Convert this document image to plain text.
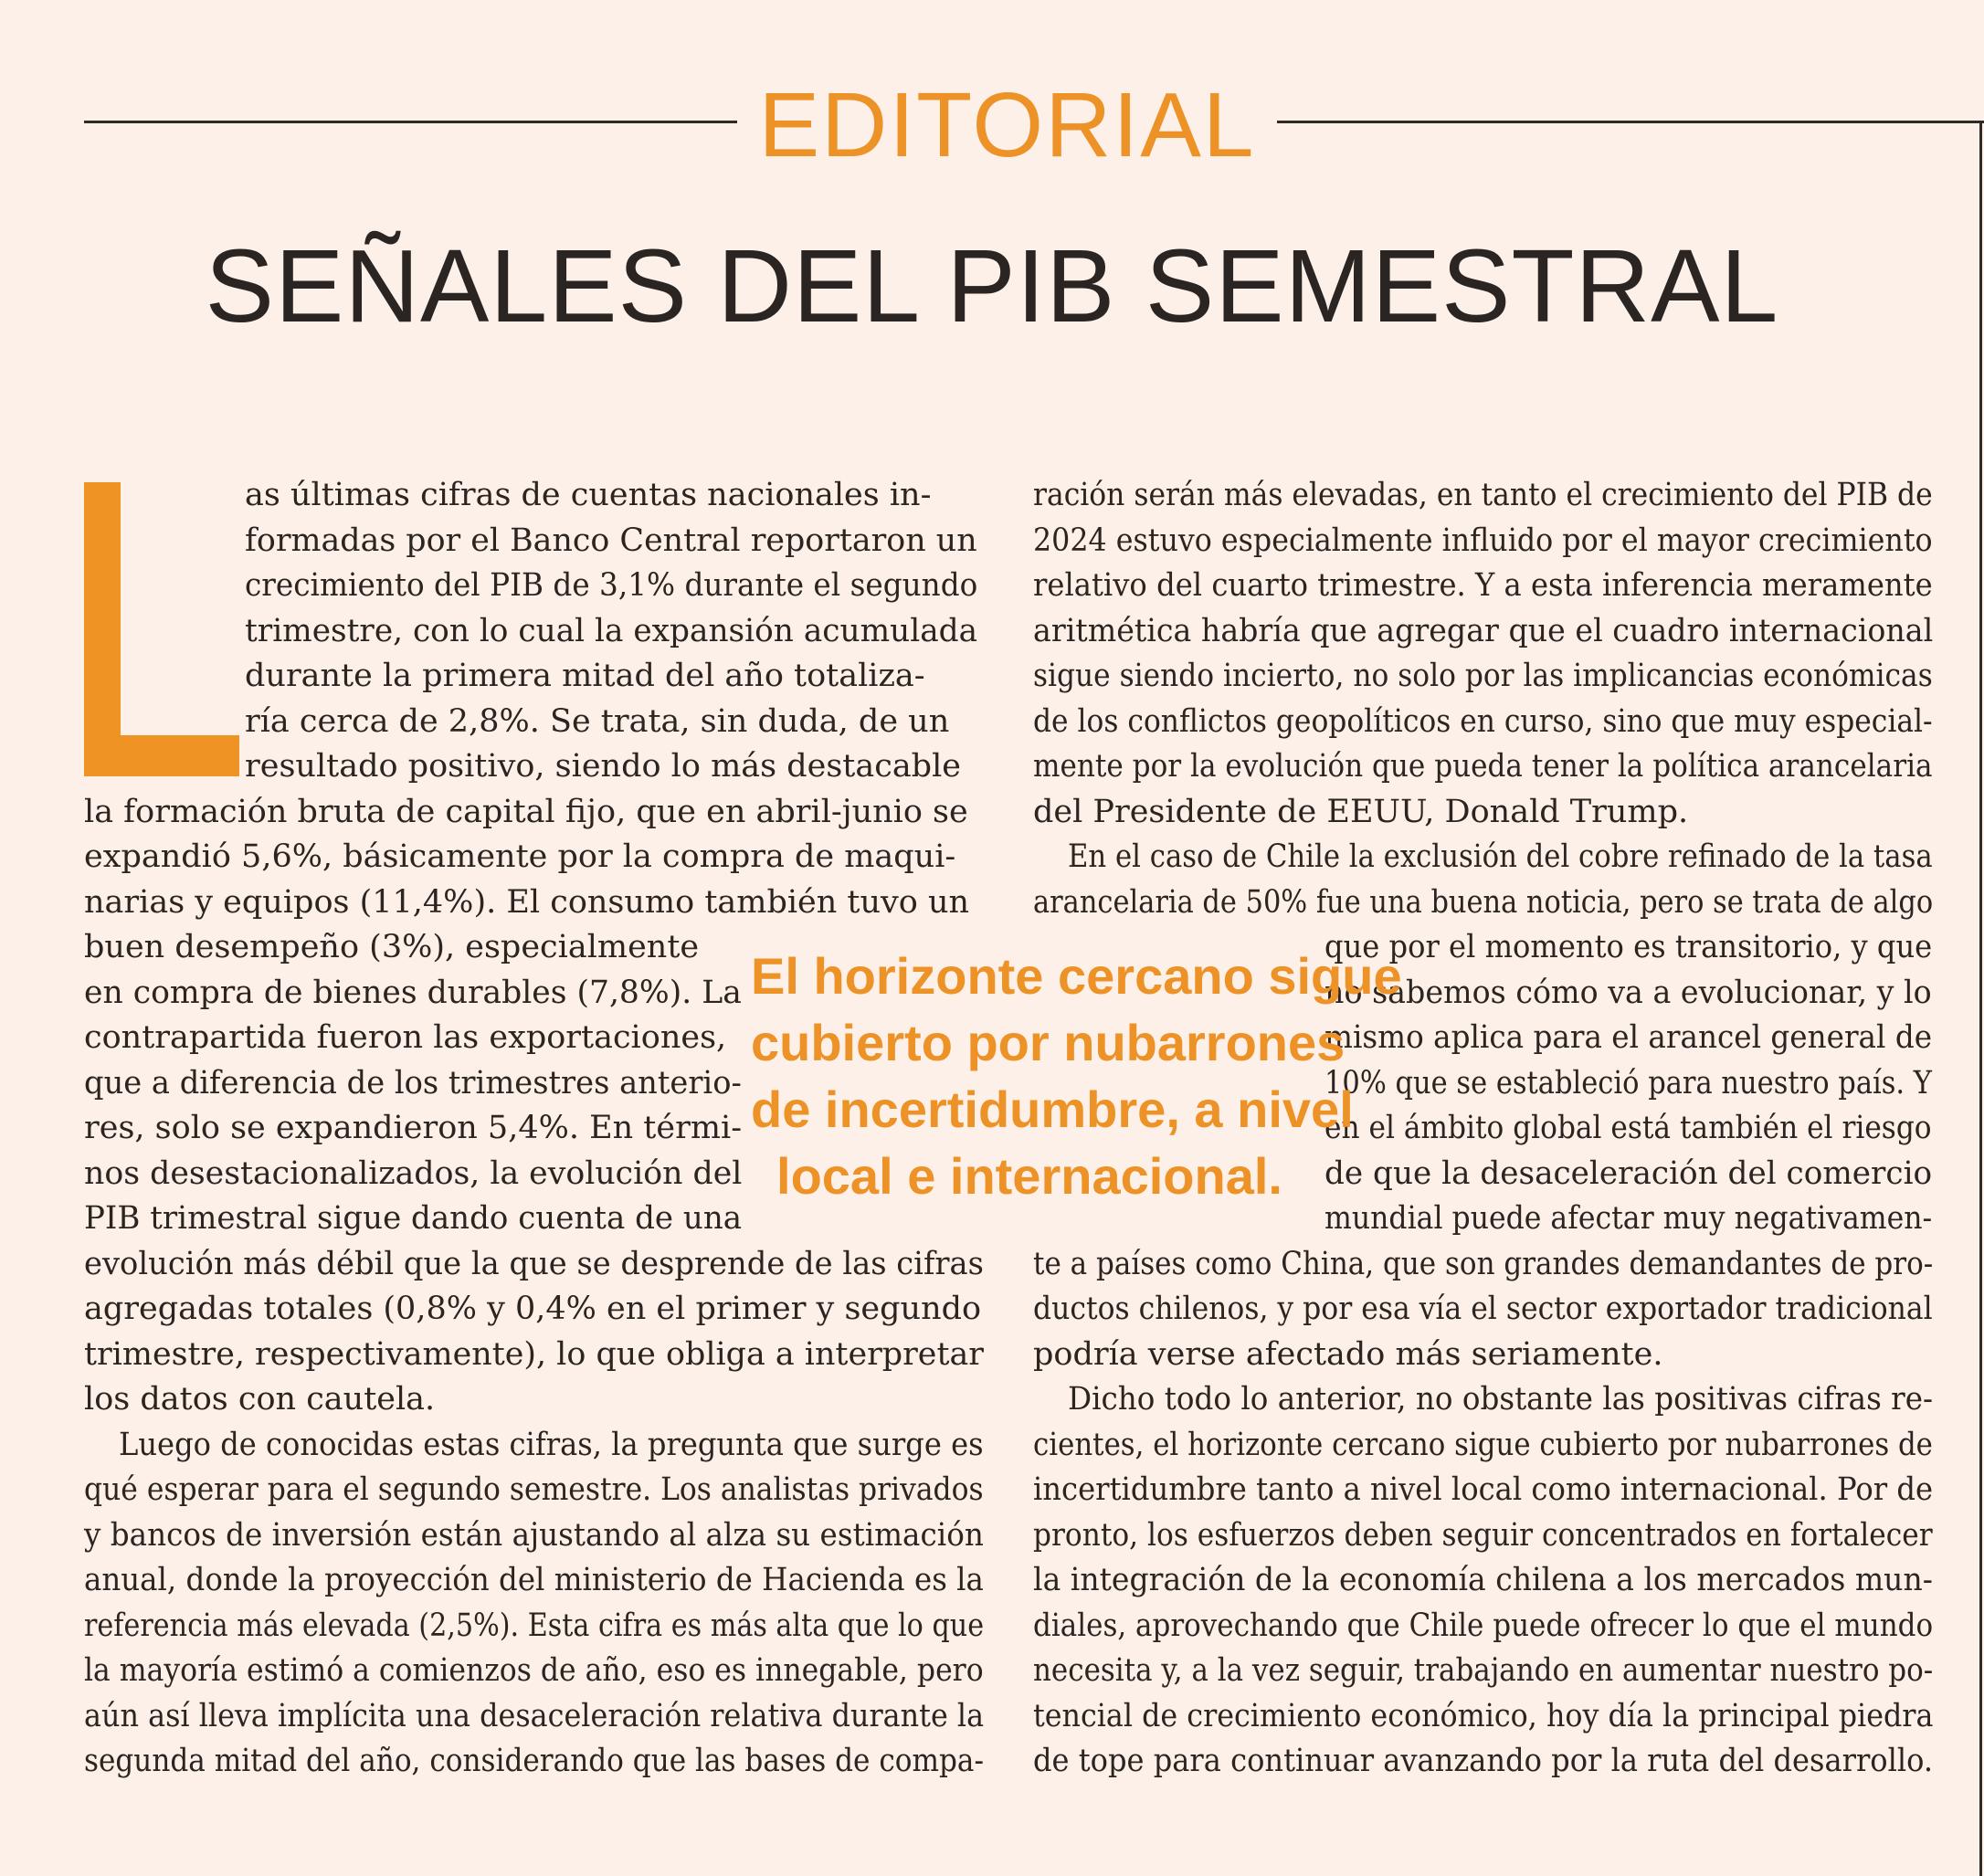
EDITORIAL
SEÑALES DEL PIB SEMESTRAL

as últimas cifras de cuentas nacionales in-

formadas por el Banco Central reportaron un

crecimiento del PIB de 3,1% durante el segundo

trimestre, con lo cual la expansión acumulada

durante la primera mitad del año totaliza-

ría cerca de 2,8%. Se trata, sin duda, de un

resultado positivo, siendo lo más destacable

la formación bruta de capital fijo, que en abril-junio se

expandió 5,6%, básicamente por la compra de maqui-

narias y equipos (11,4%). El consumo también tuvo un

buen desempeño (3%), especialmente

en compra de bienes durables (7,8%). La

contrapartida fueron las exportaciones,

que a diferencia de los trimestres anterio-

res, solo se expandieron 5,4%. En térmi-

nos desestacionalizados, la evolución del

PIB trimestral sigue dando cuenta de una

evolución más débil que la que se desprende de las cifras

agregadas totales (0,8% y 0,4% en el primer y segundo

trimestre, respectivamente), lo que obliga a interpretar

los datos con cautela.

Luego de conocidas estas cifras, la pregunta que surge es

qué esperar para el segundo semestre. Los analistas privados

y bancos de inversión están ajustando al alza su estimación

anual, donde la proyección del ministerio de Hacienda es la

referencia más elevada (2,5%). Esta cifra es más alta que lo que

la mayoría estimó a comienzos de año, eso es innegable, pero

aún así lleva implícita una desaceleración relativa durante la

segunda mitad del año, considerando que las bases de compa-

ración serán más elevadas, en tanto el crecimiento del PIB de

2024 estuvo especialmente influido por el mayor crecimiento

relativo del cuarto trimestre. Y a esta inferencia meramente

aritmética habría que agregar que el cuadro internacional

sigue siendo incierto, no solo por las implicancias económicas

de los conflictos geopolíticos en curso, sino que muy especial-

mente por la evolución que pueda tener la política arancelaria

del Presidente de EEUU, Donald Trump.

En el caso de Chile la exclusión del cobre refinado de la tasa

arancelaria de 50% fue una buena noticia, pero se trata de algo

que por el momento es transitorio, y que

no sabemos cómo va a evolucionar, y lo

mismo aplica para el arancel general de

10% que se estableció para nuestro país. Y

en el ámbito global está también el riesgo

de que la desaceleración del comercio

mundial puede afectar muy negativamen-

te a países como China, que son grandes demandantes de pro-

ductos chilenos, y por esa vía el sector exportador tradicional

podría verse afectado más seriamente.

Dicho todo lo anterior, no obstante las positivas cifras re-

cientes, el horizonte cercano sigue cubierto por nubarrones de

incertidumbre tanto a nivel local como internacional. Por de

pronto, los esfuerzos deben seguir concentrados en fortalecer

la integración de la economía chilena a los mercados mun-

diales, aprovechando que Chile puede ofrecer lo que el mundo

necesita y, a la vez seguir, trabajando en aumentar nuestro po-

tencial de crecimiento económico, hoy día la principal piedra

de tope para continuar avanzando por la ruta del desarrollo.

El horizonte cercano sigue
cubierto por nubarrones
de incertidumbre, a nivel
local e internacional.
